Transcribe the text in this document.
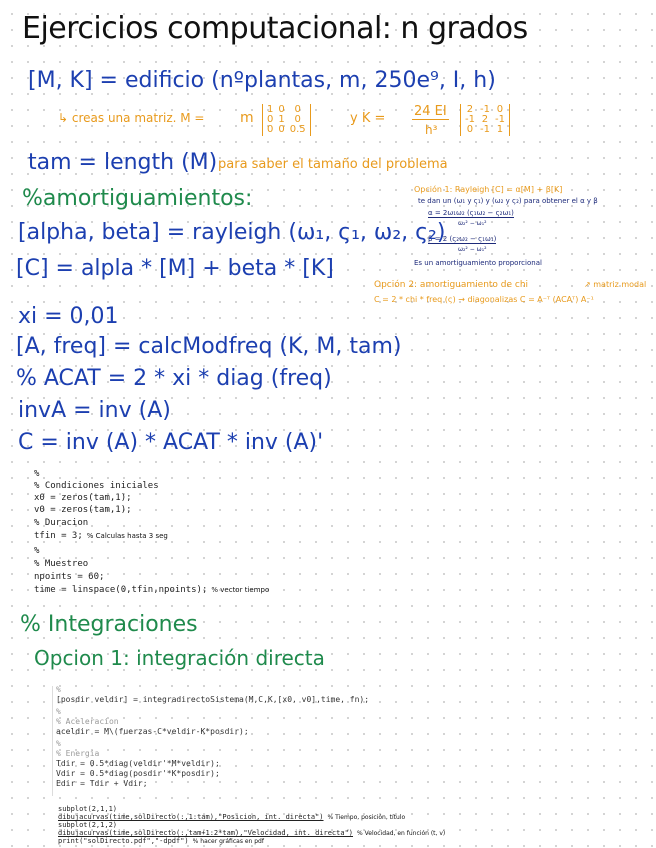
Ejercicios computacional: n grados
[M, K] = edificio (nºplantas, m, 250e⁹, I, h)
↳ creas una matriz. M =	m
1 0 0
0 1 0
0 0 0.5
y K = 24 EI
h³
2 -1 0
-1 2 -1
0 -1 1
tam = length (M) para saber el tamaño del problema
%amortiguamientos:	Opción 1: Rayleigh [C] = α[M] + β[K]
te dan un (ω₁ y ς₁) y (ω₂ y ς₂) para obtener el α y β
α = 2ω₁ω₂ (ς₁ω₂ − ς₂ω₁)
ω₂² − ω₁²
β = 2 (ς₂ω₂ − ς₁ω₁)
ω₂² − ω₁²
Es un amortiguamiento proporcional
[alpha, beta] = rayleigh (ω₁, ς₁, ω₂, ς₂)
[C] = alpla * [M] + beta * [K]
Opción 2: amortiguamiento de chi	↗ matriz modal
C = 2 * chi * freq (ς) → diagonalizas C = A⁻ᵀ (ACAᵀ) A⁻¹
xi = 0,01
[A, freq] = calcModfreq (K, M, tam)
% ACAT = 2 * xi * diag (freq)
invA = inv (A)
C = inv (A) * ACAT * inv (A)'
%
% Condiciones iniciales
x0 = zeros(tam,1);
v0 = zeros(tam,1);
% Duracion
tfin = 3; % Calculas hasta 3 seg
%
% Muestreo
npoints = 60;
time = linspace(0,tfin,npoints); % vector tiempo
% Integraciones
Opcion 1: integración directa
%
[posdir veldir] = integradirectoSistema(M,C,K,[x0, v0],time, fn);
%
% Aceleracion
aceldir = M\(fuerzas-C*veldir-K*posdir);
%
% Energia
Tdir = 0.5*diag(veldir'*M*veldir);
Vdir = 0.5*diag(posdir'*K*posdir);
Edir = Tdir + Vdir;
subplot(2,1,1)
dibujacurvas(time,solDirecto(:,1:tam),"Posicion, int. directa") % Tiempo, posición, título
subplot(2,1,2)
dibujacurvas(time,solDirecto(:,tam+1:2*tam),"Velocidad, int. directa") % Velocidad, en función (t, v)
print("solDirecto.pdf","-dpdf") % hacer gráficas en pdf
